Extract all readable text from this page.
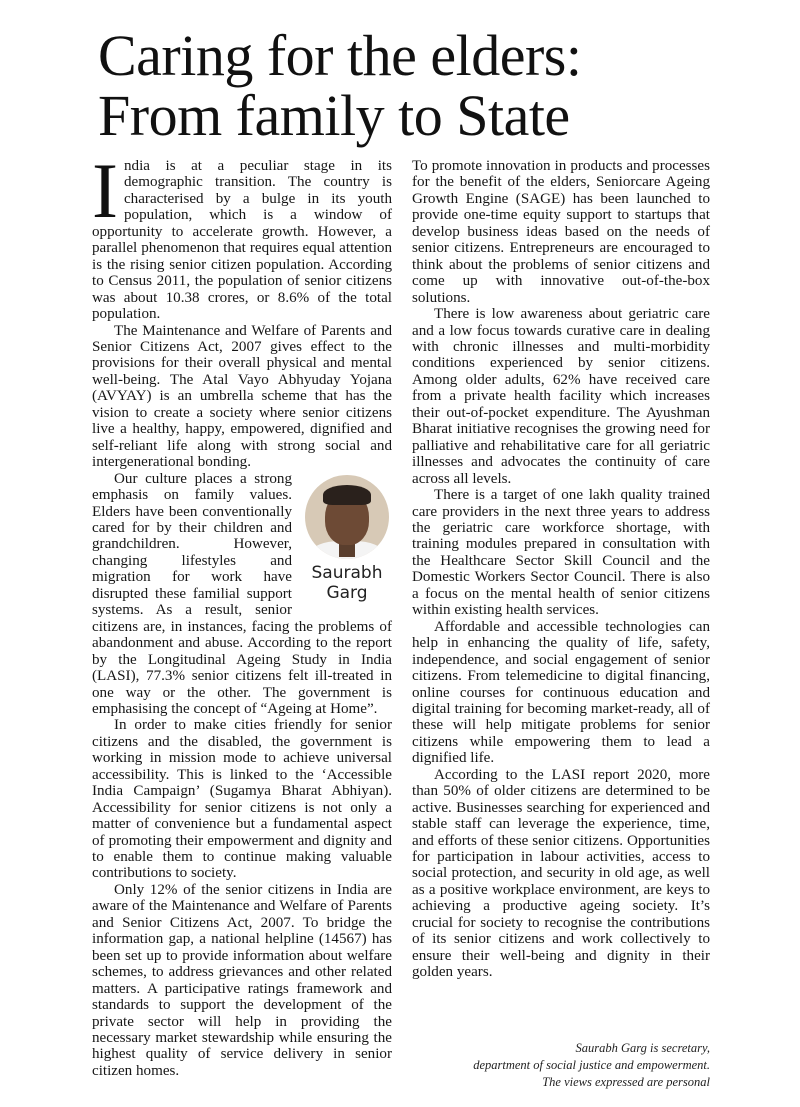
Caring for the elders:
From family to State

India is at a peculiar stage in its demographic transition. The country is characterised by a bulge in its youth population, which is a window of opportunity to accelerate growth. However, a parallel phenomenon that requires equal attention is the rising senior citizen population. According to Census 2011, the population of senior citizens was about 10.38 crores, or 8.6% of the total population.

The Maintenance and Welfare of Parents and Senior Citizens Act, 2007 gives effect to the provisions for their overall physical and mental well-being. The Atal Vayo Abhyuday Yojana (AVYAY) is an umbrella scheme that has the vision to create a society where senior citizens live a healthy, happy, empowered, dignified and self-reliant life along with strong social and intergenerational bonding.

Saurabh
Garg
Our culture places a strong emphasis on family values. Elders have been conventionally cared for by their children and grandchildren. However, changing lifestyles and migration for work have disrupted these familial support systems. As a result, senior citizens are, in instances, facing the problems of abandonment and abuse. According to the report by the Longitudinal Ageing Study in India (LASI), 77.3% senior citizens felt ill-treated in one way or the other. The government is emphasising the concept of “Ageing at Home”.

In order to make cities friendly for senior citizens and the disabled, the government is working in mission mode to achieve universal accessibility. This is linked to the ‘Accessible India Campaign’ (Sugamya Bharat Abhiyan). Accessibility for senior citizens is not only a matter of convenience but a fundamental aspect of promoting their empowerment and dignity and to enable them to continue making valuable contributions to society.

Only 12% of the senior citizens in India are aware of the Maintenance and Welfare of Parents and Senior Citizens Act, 2007. To bridge the information gap, a national helpline (14567) has been set up to provide information about welfare schemes, to address grievances and other related matters. A participative ratings framework and standards to support the development of the private sector will help in providing the necessary market stewardship while ensuring the highest quality of service delivery in senior citizen homes.

To promote innovation in products and processes for the benefit of the elders, Seniorcare Ageing Growth Engine (SAGE) has been launched to provide one-time equity support to startups that develop business ideas based on the needs of senior citizens. Entrepreneurs are encouraged to think about the problems of senior citizens and come up with innovative out-of-the-box solutions.

There is low awareness about geriatric care and a low focus towards curative care in dealing with chronic illnesses and multi-morbidity conditions experienced by senior citizens. Among older adults, 62% have received care from a private health facility which increases their out-of-pocket expenditure. The Ayushman Bharat initiative recognises the growing need for palliative and rehabilitative care for all geriatric illnesses and advocates the continuity of care across all levels.

There is a target of one lakh quality trained care providers in the next three years to address the geriatric care workforce shortage, with training modules prepared in consultation with the Healthcare Sector Skill Council and the Domestic Workers Sector Council. There is also a focus on the mental health of senior citizens within existing health services.

Affordable and accessible technologies can help in enhancing the quality of life, safety, independence, and social engagement of senior citizens. From telemedicine to digital financing, online courses for continuous education and digital training for becoming market-ready, all of these will help mitigate problems for senior citizens while empowering them to lead a dignified life.

According to the LASI report 2020, more than 50% of older citizens are determined to be active. Businesses searching for experienced and stable staff can leverage the experience, time, and efforts of these senior citizens. Opportunities for participation in labour activities, access to social protection, and security in old age, as well as a positive workplace environment, are keys to achieving a productive ageing society. It’s crucial for society to recognise the contributions of its senior citizens and work collectively to ensure their well-being and dignity in their golden years.

Saurabh Garg is secretary,
department of social justice and empowerment.
The views expressed are personal
